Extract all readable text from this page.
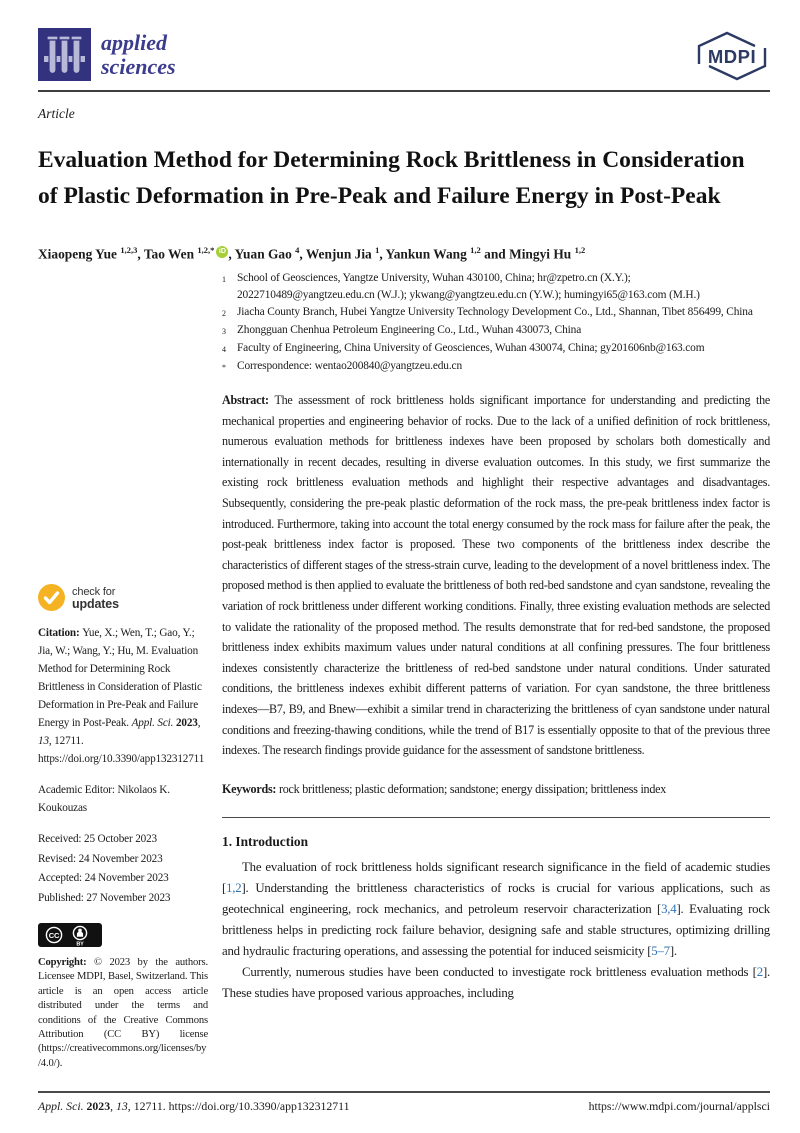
applied
sciences	MDPI
Article
Evaluation Method for Determining Rock Brittleness in Consideration of Plastic Deformation in Pre-Peak and Failure Energy in Post-Peak
Xiaopeng Yue $^{1,2,3}$, Tao Wen $^{1,2,*}$ iD , Yuan Gao $^4$, Wenjun Jia $^1$, Yankun Wang $^{1,2}$ and Mingyi Hu $^{1,2}$
1 School of Geosciences, Yangtze University, Wuhan 430100, China; hr@zpetro.cn (X.Y.); 2022710489@yangtzeu.edu.cn (W.J.); ykwang@yangtzeu.edu.cn (Y.W.); humingyi65@163.com (M.H.)
2 Jiacha County Branch, Hubei Yangtze University Technology Development Co., Ltd., Shannan, Tibet 856499, China
3 Zhongguan Chenhua Petroleum Engineering Co., Ltd., Wuhan 430073, China
4 Faculty of Engineering, China University of Geosciences, Wuhan 430074, China; gy201606nb@163.com
* Correspondence: wentao200840@yangtzeu.edu.cn

Abstract: The assessment of rock brittleness holds significant importance for understanding and predicting the mechanical properties and engineering behavior of rocks. Due to the lack of a unified definition of rock brittleness, numerous evaluation methods for brittleness indexes have been proposed by scholars both domestically and internationally in recent decades, resulting in diverse evaluation outcomes. In this study, we first summarize the existing rock brittleness evaluation methods and highlight their respective advantages and disadvantages. Subsequently, considering the pre-peak plastic deformation of the rock mass, the pre-peak brittleness index factor is introduced. Furthermore, taking into account the total energy consumed by the rock mass for failure after the peak, the post-peak brittleness index factor is proposed. These two components of the brittleness index describe the characteristics of different stages of the stress-strain curve, leading to the development of a novel brittleness index. The proposed method is then applied to evaluate the brittleness of both red-bed sandstone and cyan sandstone, revealing the variation of rock brittleness under different working conditions. Finally, three existing evaluation methods are selected to validate the rationality of the proposed method. The results demonstrate that for red-bed sandstone, the proposed brittleness index exhibits maximum values under natural conditions at all confining pressures. The four brittleness indexes consistently characterize the brittleness of red-bed sandstone under natural conditions. Under saturated conditions, the brittleness indexes exhibit different patterns of variation. For cyan sandstone, the three brittleness indexes—B7, B9, and Bnew—exhibit a similar trend in characterizing the brittleness of cyan sandstone under natural conditions and freezing-thawing conditions, while the trend of B17 is essentially opposite to that of the previous three indexes. The research findings provide guidance for the assessment of sandstone brittleness.

Keywords: rock brittleness; plastic deformation; sandstone; energy dissipation; brittleness index

1. Introduction

The evaluation of rock brittleness holds significant research significance in the field of academic studies [1,2]. Understanding the brittleness characteristics of rocks is crucial for various applications, such as geotechnical engineering, rock mechanics, and petroleum reservoir characterization [3,4]. Evaluating rock brittleness helps in predicting rock failure behavior, designing safe and stable structures, optimizing drilling and hydraulic fracturing operations, and assessing the potential for induced seismicity [5–7].

Currently, numerous studies have been conducted to investigate rock brittleness evaluation methods [2]. These studies have proposed various approaches, including

check for
updates
Citation: Yue, X.; Wen, T.; Gao, Y.; Jia, W.; Wang, Y.; Hu, M. Evaluation Method for Determining Rock Brittleness in Consideration of Plastic Deformation in Pre-Peak and Failure Energy in Post-Peak. Appl. Sci. 2023, 13, 12711. https://doi.org/10.3390/app132312711
Academic Editor: Nikolaos K. Koukouzas
Received: 25 October 2023
Revised: 24 November 2023
Accepted: 24 November 2023
Published: 27 November 2023
CC
BY
Copyright: © 2023 by the authors. Licensee MDPI, Basel, Switzerland. This article is an open access article distributed under the terms and conditions of the Creative Commons Attribution (CC BY) license (https://creativecommons.org/licenses/by/4.0/).
Appl. Sci. 2023, 13, 12711. https://doi.org/10.3390/app132312711	https://www.mdpi.com/journal/applsci
